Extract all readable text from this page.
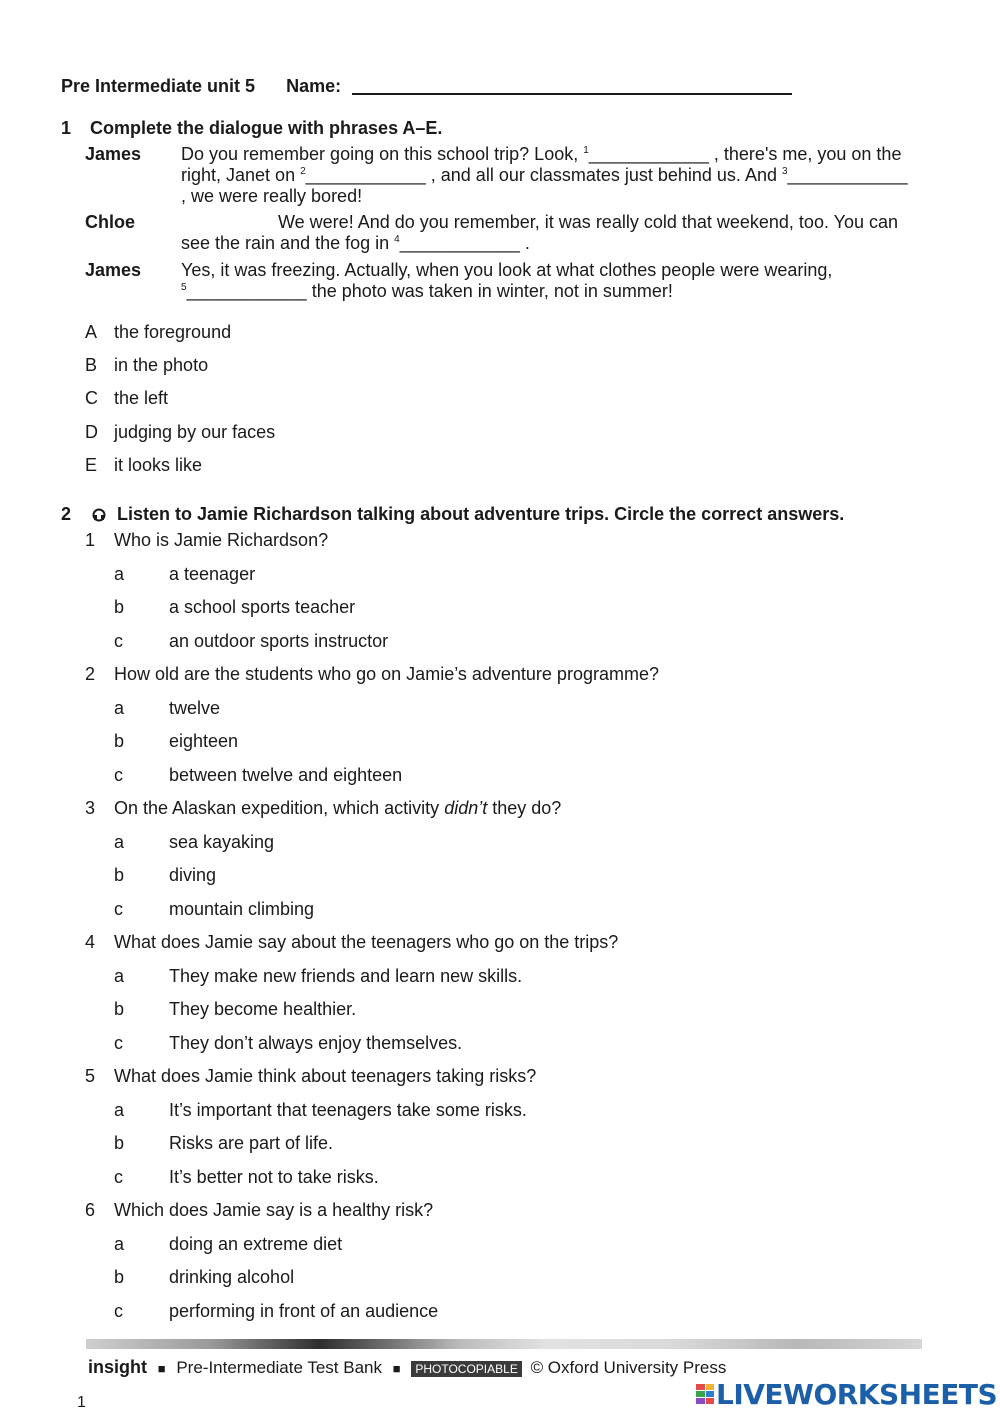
Pre Intermediate unit 5 Name:
1 Complete the dialogue with phrases A–E.
James Do you remember going on this school trip? Look, $^1$____________ , there's me, you on the
right, Janet on $^2$____________ , and all our classmates just behind us. And $^3$____________
, we were really bored!
Chloe	We were! And do you remember, it was really cold that weekend, too. You can
see the rain and the fog in $^4$____________ .
James Yes, it was freezing. Actually, when you look at what clothes people were wearing,
$^5$____________ the photo was taken in winter, not in summer!
A the foreground
B in the photo
C the left
D judging by our faces
E it looks like
2	Listen to Jamie Richardson talking about adventure trips. Circle the correct answers.
1 Who is Jamie Richardson?
a a teenager
b a school sports teacher
c	an outdoor sports instructor
2 How old are the students who go on Jamie’s adventure programme?
a twelve
b eighteen
c	between twelve and eighteen
3 On the Alaskan expedition, which activity didn’t they do?
a sea kayaking
b diving
c	mountain climbing
4 What does Jamie say about the teenagers who go on the trips?
a They make new friends and learn new skills.
b They become healthier.
c	They don’t always enjoy themselves.
5 What does Jamie think about teenagers taking risks?
a It’s important that teenagers take some risks.
b Risks are part of life.
c	It’s better not to take risks.
6 Which does Jamie say is a healthy risk?
a doing an extreme diet
b drinking alcohol
c	performing in front of an audience
insight ■ Pre-Intermediate Test Bank ■ PHOTOCOPIABLE © Oxford University Press
1	LIVEWORKSHEETS
